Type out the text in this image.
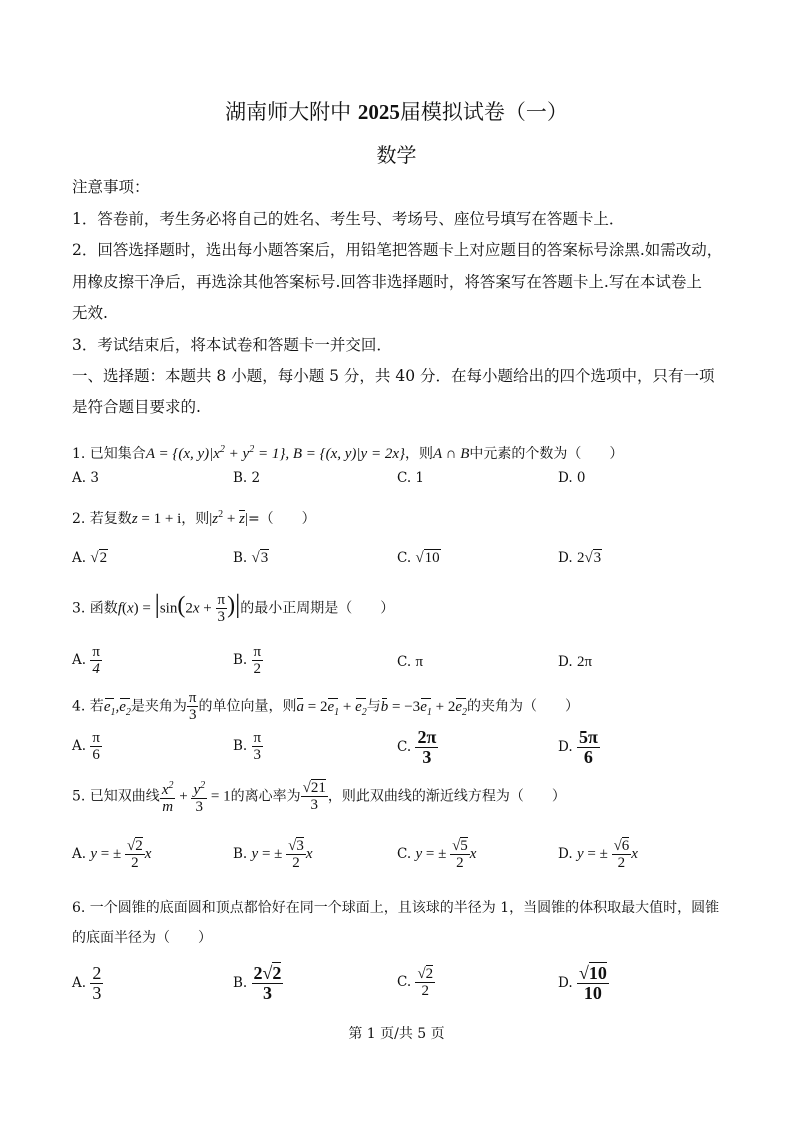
湖南师大附中 2025届模拟试卷（一）
数学
注意事项：
1．答卷前，考生务必将自己的姓名、考生号、考场号、座位号填写在答题卡上．
2．回答选择题时，选出每小题答案后，用铅笔把答题卡上对应题目的答案标号涂黑.如需改动，
用橡皮擦干净后，再选涂其他答案标号.回答非选择题时，将答案写在答题卡上.写在本试卷上
无效.
3．考试结束后，将本试卷和答题卡一并交回．
一、选择题：本题共 8 小题，每小题 5 分，共 40 分．在每小题给出的四个选项中，只有一项
是符合题目要求的.
1. 已知集合A = {(x, $y)|x^2 + y^2 = 1$}, B = {(x, y)|y = 2x}，则A ∩ B中元素的个数为（　　）
A. 3	B. 2	C. 1	D. 0
2. 若复数z = 1 + i，则$|z^2 + z|=$（　　）
A. √2	B. √3	C. √10	D. 2√3
3. 函数$f(x) = |\sin(2x + \frac{\pi}{3}$ )|的最小正周期是（　　）
A. $\frac{\pi}{4}$	B. $\frac{\pi}{2}$	C. π	D. 2π
4. 若$e_1,e_2$是夹角为 $\frac{\pi}{3}$ 的单位向量，则$a = 2e_1 + e_2$与$b = -3e_1 + 2e_2$的夹角为（　　）
A. $\frac{\pi}{6}$	B. $\frac{\pi}{3}$	C. $\frac{2\pi}{3}$	D. $\frac{5\pi}{6}$
5. 已知双曲线 $\frac{x^2}{m} + \frac{y^2}{3} = 1$的离心率为 $\frac{√21}{3}$ ，则此双曲线的渐近线方程为（　　）
A. y = ± $\frac{√2}{2}$ x	B. y = ± $\frac{√3}{2}$ x	C. y = ± $\frac{√5}{2}$ x	D. y = ± $\frac{√6}{2}$ x
6. 一个圆锥的底面圆和顶点都恰好在同一个球面上，且该球的半径为 1，当圆锥的体积取最大值时，圆锥
的底面半径为（　　）
A. $\frac{2}{3}$	B. $\frac{2√2}{3}$	C. $\frac{√2}{2}$	D. $\frac{√10}{10}$
第 1 页/共 5 页
